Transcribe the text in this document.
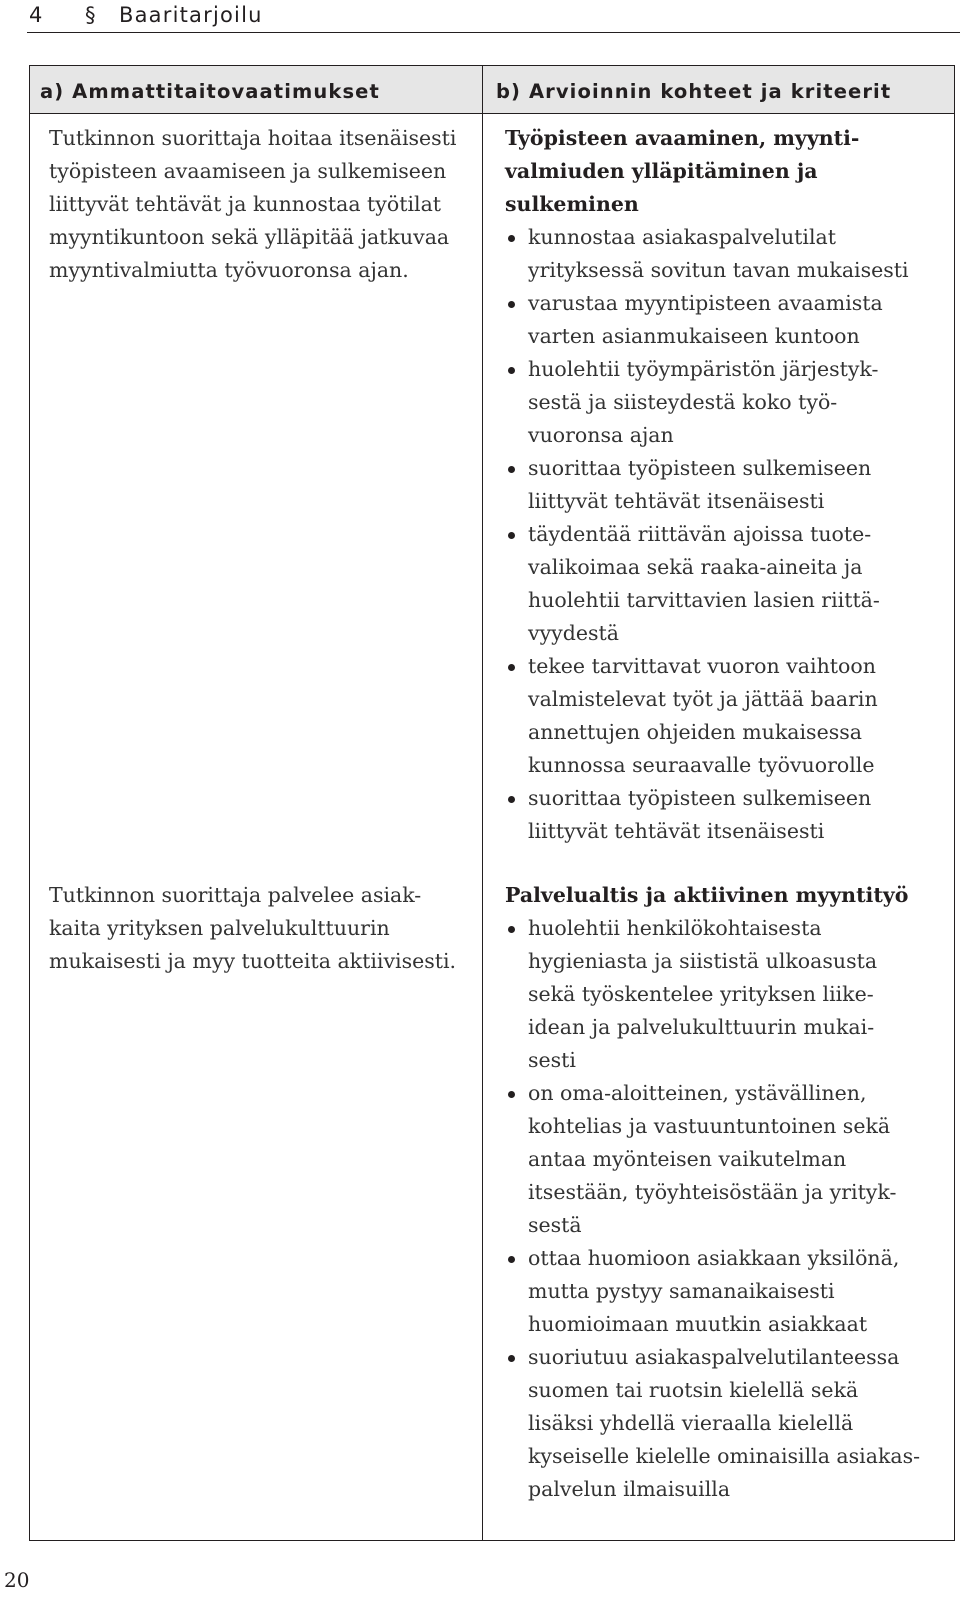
4 § Baaritarjoilu
a) Ammattitaitovaatimukset	b) Arvioinnin kohteet ja kriteerit
Tutkinnon suorittaja hoitaa itsenäisesti
työpisteen avaamiseen ja sulkemiseen
liittyvät tehtävät ja kunnostaa työtilat
myyntikuntoon sekä ylläpitää jatkuvaa
myyntivalmiutta työvuoronsa ajan.
Tutkinnon suorittaja palvelee asiak-
kaita yrityksen palvelukulttuurin
mukaisesti ja myy tuotteita aktiivisesti.
Työpisteen avaaminen, myynti-
valmiuden ylläpitäminen ja
sulkeminen
kunnostaa asiakaspalvelutilat
yrityksessä sovitun tavan mukaisesti
varustaa myyntipisteen avaamista
varten asianmukaiseen kuntoon
huolehtii työympäristön järjestyk-
sestä ja siisteydestä koko työ-
vuoronsa ajan
suorittaa työpisteen sulkemiseen
liittyvät tehtävät itsenäisesti
täydentää riittävän ajoissa tuote-
valikoimaa sekä raaka-aineita ja
huolehtii tarvittavien lasien riittä-
vyydestä
tekee tarvittavat vuoron vaihtoon
valmistelevat työt ja jättää baarin
annettujen ohjeiden mukaisessa
kunnossa seuraavalle työvuorolle
suorittaa työpisteen sulkemiseen
liittyvät tehtävät itsenäisesti
Palvelualtis ja aktiivinen myyntityö
huolehtii henkilökohtaisesta
hygieniasta ja siististä ulkoasusta
sekä työskentelee yrityksen liike-
idean ja palvelukulttuurin mukai-
sesti
on oma-aloitteinen, ystävällinen,
kohtelias ja vastuuntuntoinen sekä
antaa myönteisen vaikutelman
itsestään, työyhteisöstään ja yrityk-
sestä
ottaa huomioon asiakkaan yksilönä,
mutta pystyy samanaikaisesti
huomioimaan muutkin asiakkaat
suoriutuu asiakaspalvelutilanteessa
suomen tai ruotsin kielellä sekä
lisäksi yhdellä vieraalla kielellä
kyseiselle kielelle ominaisilla asiakas-
palvelun ilmaisuilla
20
